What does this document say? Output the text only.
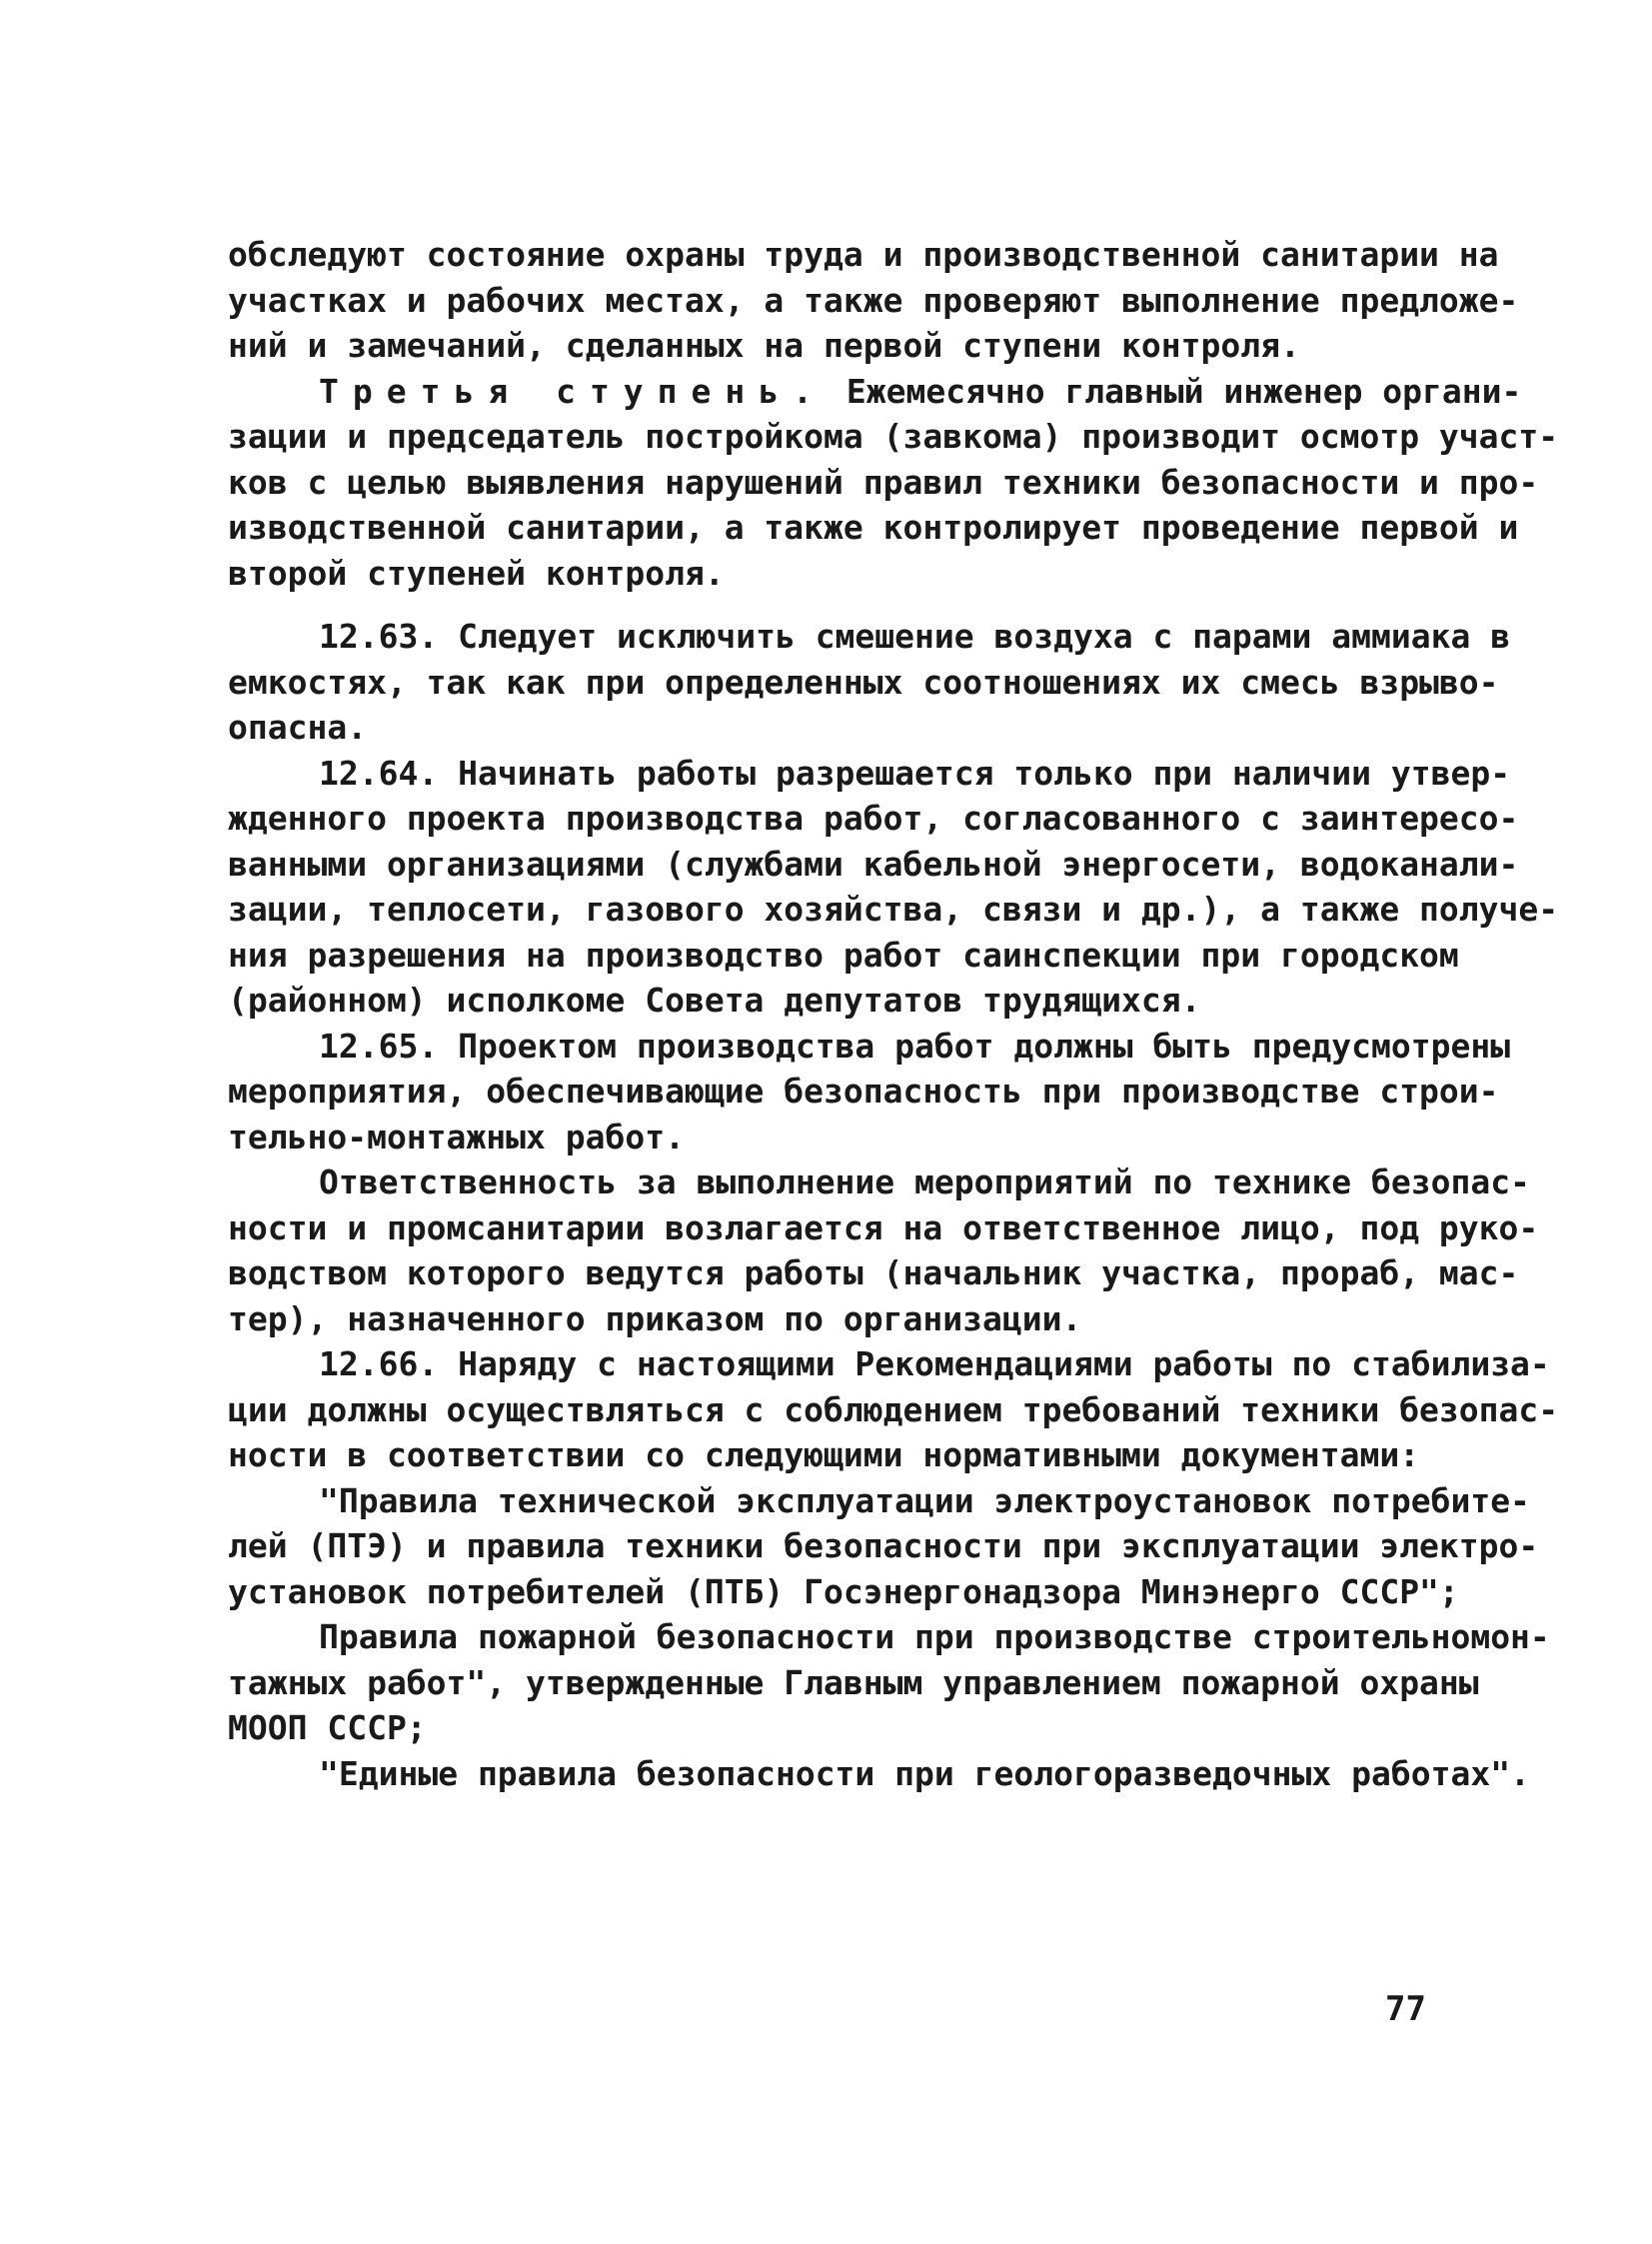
обследуют состояние охраны труда и производственной санитарии на
участках и рабочих местах, а также проверяют выполнение предложе-
ний и замечаний, сделанных на первой ступени контроля.
Третья ступень. Ежемесячно главный инженер органи-
зации и председатель постройкома (завкома) производит осмотр участ-
ков с целью выявления нарушений правил техники безопасности и про-
изводственной санитарии, а также контролирует проведение первой и
второй ступеней контроля.
12.63. Следует исключить смешение воздуха с парами аммиака в
емкостях, так как при определенных соотношениях их смесь взрыво-
опасна.
12.64. Начинать работы разрешается только при наличии утвер-
жденного проекта производства работ, согласованного с заинтересо-
ванными организациями (службами кабельной энергосети, водоканали-
зации, теплосети, газового хозяйства, связи и др.), а также получе-
ния разрешения на производство работ саинспекции при городском
(районном) исполкоме Совета депутатов трудящихся.
12.65. Проектом производства работ должны быть предусмотрены
мероприятия, обеспечивающие безопасность при производстве строи-
тельно-монтажных работ.
Ответственность за выполнение мероприятий по технике безопас-
ности и промсанитарии возлагается на ответственное лицо, под руко-
водством которого ведутся работы (начальник участка, прораб, мас-
тер), назначенного приказом по организации.
12.66. Наряду с настоящими Рекомендациями работы по стабилиза-
ции должны осуществляться с соблюдением требований техники безопас-
ности в соответствии со следующими нормативными документами:
"Правила технической эксплуатации электроустановок потребите-
лей (ПТЭ) и правила техники безопасности при эксплуатации электро-
установок потребителей (ПТБ) Госэнергонадзора Минэнерго СССР";
Правила пожарной безопасности при производстве строительномон-
тажных работ", утвержденные Главным управлением пожарной охраны
МООП СССР;
"Единые правила безопасности при геологоразведочных работах".
77
